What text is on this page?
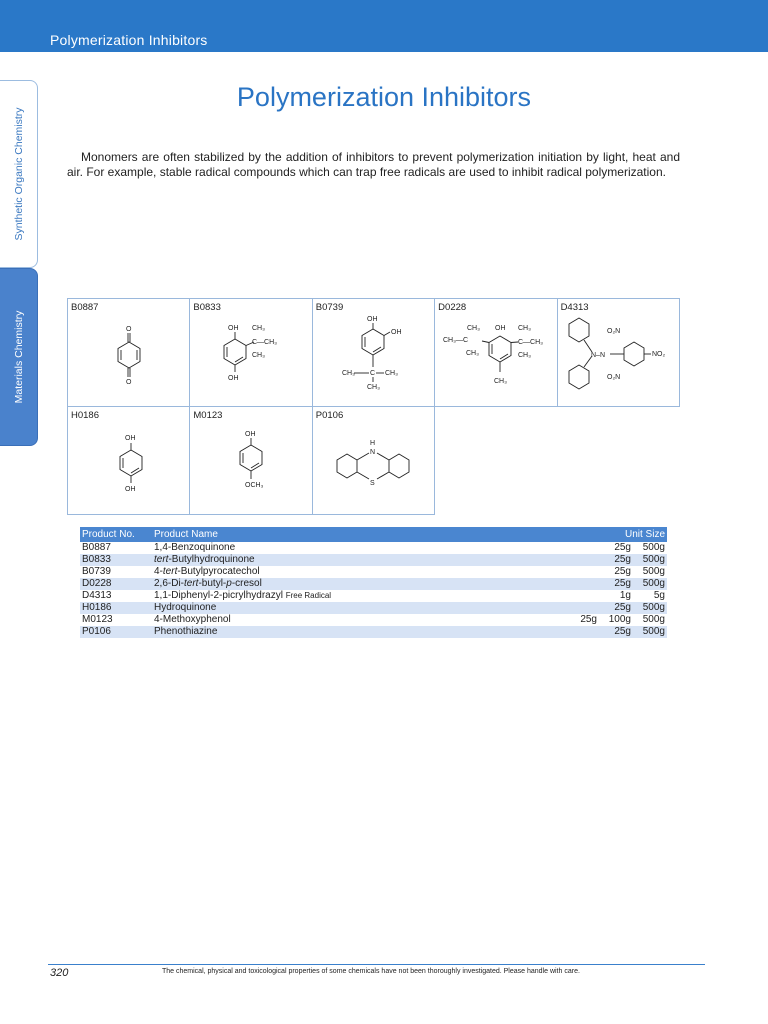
Polymerization Inhibitors
Synthetic Organic Chemistry
Materials Chemistry
Polymerization Inhibitors

Monomers are often stabilized by the addition of inhibitors to prevent polymerization initiation by light, heat and air. For example, stable radical compounds which can trap free radicals are used to inhibit radical polymerization.

B0887
O
O
B0833
OH
OH
CH₃
C—CH₃
CH₃
B0739
OH
OH
CH₃ C CH₃
CH₃
D0228
OH
CH₃
CH₃—C
CH₃
CH₃
C—CH₃
CH₃
CH₃
D4313
N–N
O₂N
NO₂
O₂N
H0186
OH
OH
M0123
OH
OCH₃
P0106
H
N
S
Product No.	Product Name	Unit Size		
B0887	1,4-Benzoquinone		25g	500g
B0833	tert-Butylhydroquinone		25g	500g
B0739	4-tert-Butylpyrocatechol		25g	500g
D0228	2,6-Di-tert-butyl-p-cresol		25g	500g
D4313	1,1-Diphenyl-2-picrylhydrazyl Free Radical		1g	5g
H0186	Hydroquinone		25g	500g
M0123	4-Methoxyphenol	25g	100g	500g
P0106	Phenothiazine		25g	500g
320	The chemical, physical and toxicological properties of some chemicals have not been thoroughly investigated. Please handle with care.
